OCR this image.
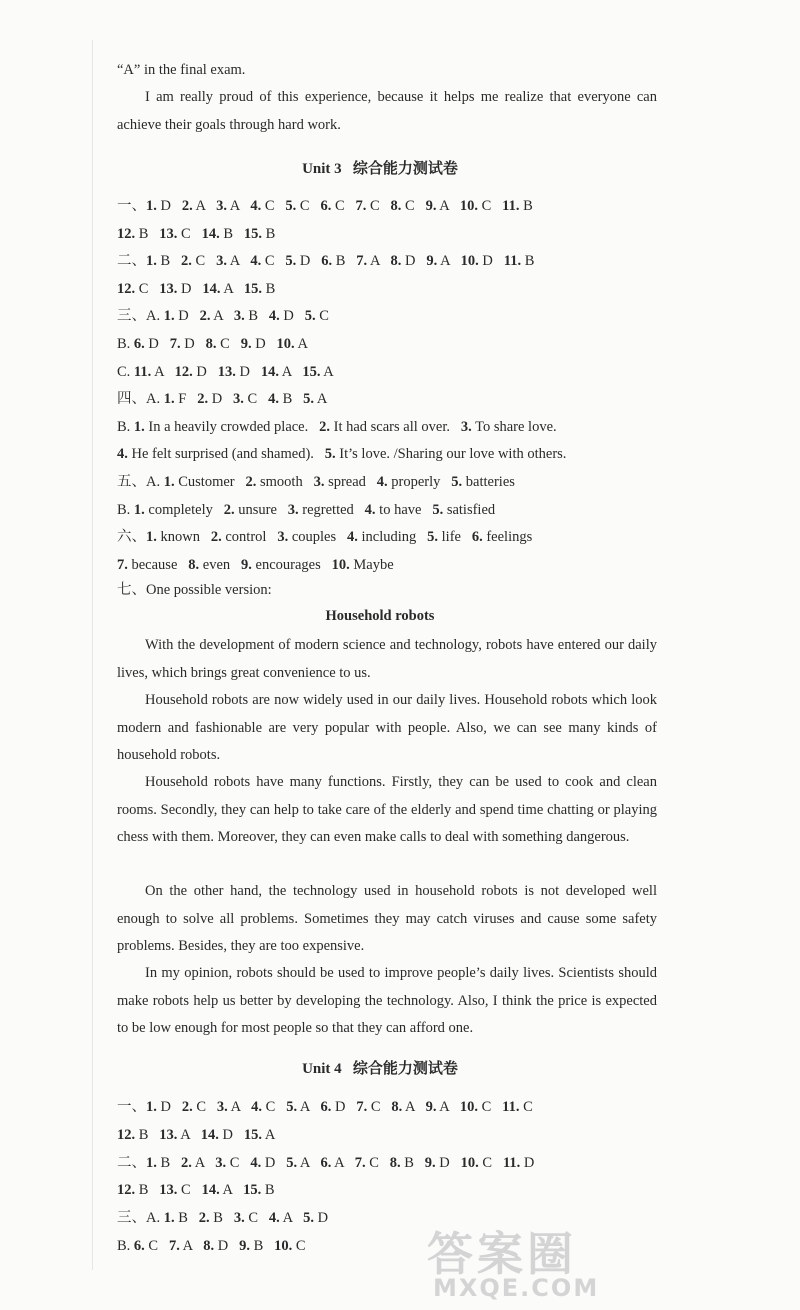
“A” in the final exam.
I am really proud of this experience, because it helps me realize that everyone can achieve their goals through hard work.
Unit 3 综合能力测试卷
一、1. D 2. A 3. A 4. C 5. C 6. C 7. C 8. C 9. A 10. C 11. B
12. B 13. C 14. B 15. B
二、1. B 2. C 3. A 4. C 5. D 6. B 7. A 8. D 9. A 10. D 11. B
12. C 13. D 14. A 15. B
三、A. 1. D 2. A 3. B 4. D 5. C
B. 6. D 7. D 8. C 9. D 10. A
C. 11. A 12. D 13. D 14. A 15. A
四、A. 1. F 2. D 3. C 4. B 5. A
B. 1. In a heavily crowded place. 2. It had scars all over. 3. To share love.
4. He felt surprised (and shamed). 5. It’s love. /Sharing our love with others.
五、A. 1. Customer 2. smooth 3. spread 4. properly 5. batteries
B. 1. completely 2. unsure 3. regretted 4. to have 5. satisfied
六、1. known 2. control 3. couples 4. including 5. life 6. feelings
7. because 8. even 9. encourages 10. Maybe
七、One possible version:
Household robots
With the development of modern science and technology, robots have entered our daily lives, which brings great convenience to us.
Household robots are now widely used in our daily lives. Household robots which look modern and fashionable are very popular with people. Also, we can see many kinds of household robots.
Household robots have many functions. Firstly, they can be used to cook and clean rooms. Secondly, they can help to take care of the elderly and spend time chatting or playing chess with them. Moreover, they can even make calls to deal with something dangerous.
On the other hand, the technology used in household robots is not developed well enough to solve all problems. Sometimes they may catch viruses and cause some safety problems. Besides, they are too expensive.
In my opinion, robots should be used to improve people’s daily lives. Scientists should make robots help us better by developing the technology. Also, I think the price is expected to be low enough for most people so that they can afford one.
Unit 4 综合能力测试卷
一、1. D 2. C 3. A 4. C 5. A 6. D 7. C 8. A 9. A 10. C 11. C
12. B 13. A 14. D 15. A
二、1. B 2. A 3. C 4. D 5. A 6. A 7. C 8. B 9. D 10. C 11. D
12. B 13. C 14. A 15. B
三、A. 1. B 2. B 3. C 4. A 5. D
B. 6. C 7. A 8. D 9. B 10. C	答案圈
MXQE.COM
